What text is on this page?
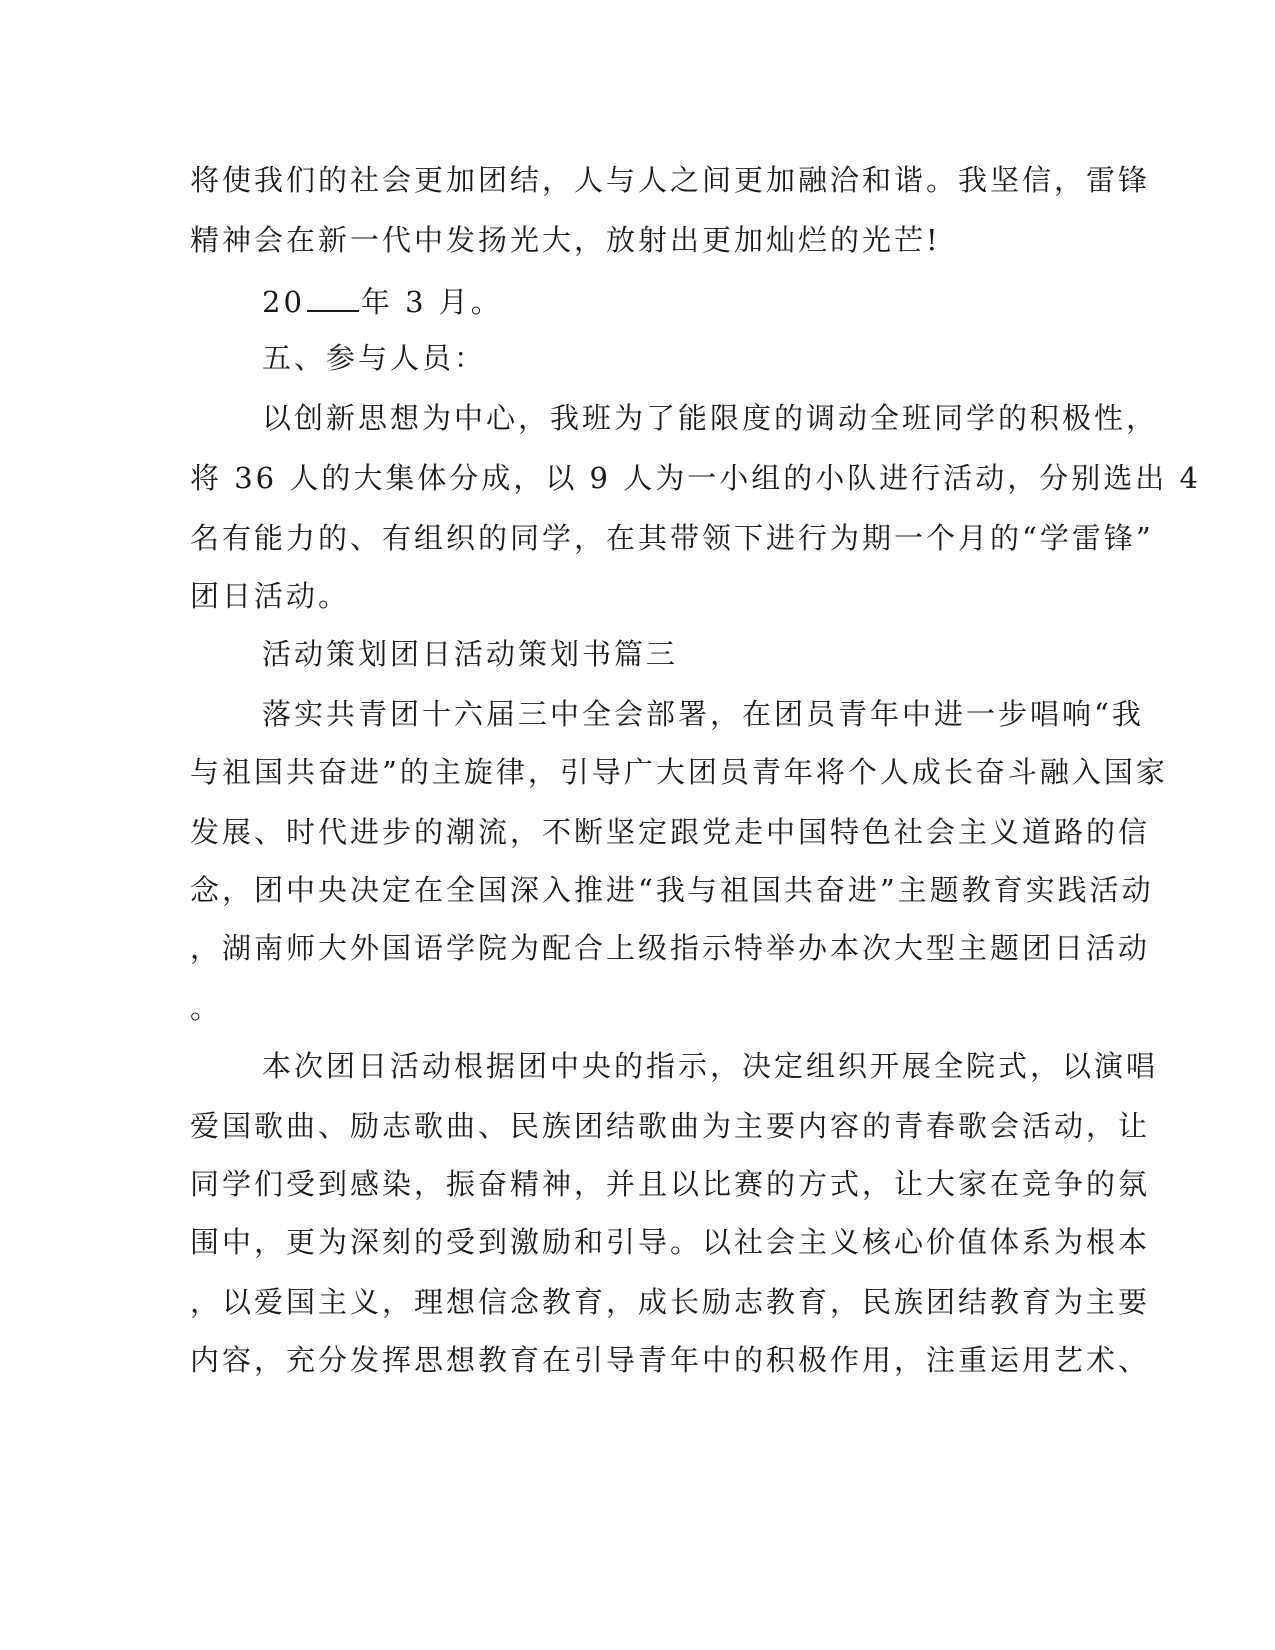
将使我们的社会更加团结，人与人之间更加融洽和谐。我坚信，雷锋
精神会在新一代中发扬光大，放射出更加灿烂的光芒!
20 年 3 月。
五、参与人员：
以创新思想为中心，我班为了能限度的调动全班同学的积极性，
将 36 人的大集体分成，以 9 人为一小组的小队进行活动，分别选出 4
名有能力的、有组织的同学，在其带领下进行为期一个月的“学雷锋”
团日活动。
活动策划团日活动策划书篇三
落实共青团十六届三中全会部署，在团员青年中进一步唱响“我
与祖国共奋进”的主旋律，引导广大团员青年将个人成长奋斗融入国家
发展、时代进步的潮流，不断坚定跟党走中国特色社会主义道路的信
念，团中央决定在全国深入推进“我与祖国共奋进”主题教育实践活动
，湖南师大外国语学院为配合上级指示特举办本次大型主题团日活动
。
本次团日活动根据团中央的指示，决定组织开展全院式，以演唱
爱国歌曲、励志歌曲、民族团结歌曲为主要内容的青春歌会活动，让
同学们受到感染，振奋精神，并且以比赛的方式，让大家在竞争的氛
围中，更为深刻的受到激励和引导。以社会主义核心价值体系为根本
，以爱国主义，理想信念教育，成长励志教育，民族团结教育为主要
内容，充分发挥思想教育在引导青年中的积极作用，注重运用艺术、
